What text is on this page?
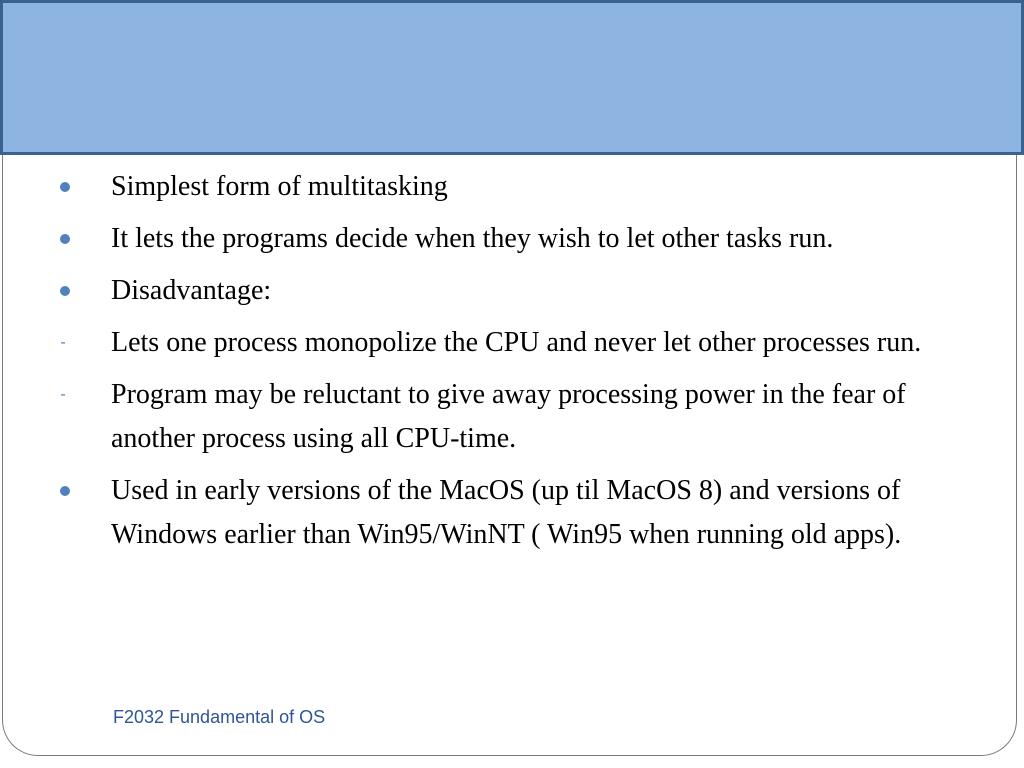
Simplest form of multitasking
It lets the programs decide when they wish to let other tasks run.
Disadvantage:
- Lets one process monopolize the CPU and never let other processes run.
- Program may be reluctant to give away processing power in the fear of another process using all CPU-time.
Used in early versions of the MacOS (up til MacOS 8) and versions of Windows earlier than Win95/WinNT ( Win95 when running old apps).
F2032 Fundamental of OS
